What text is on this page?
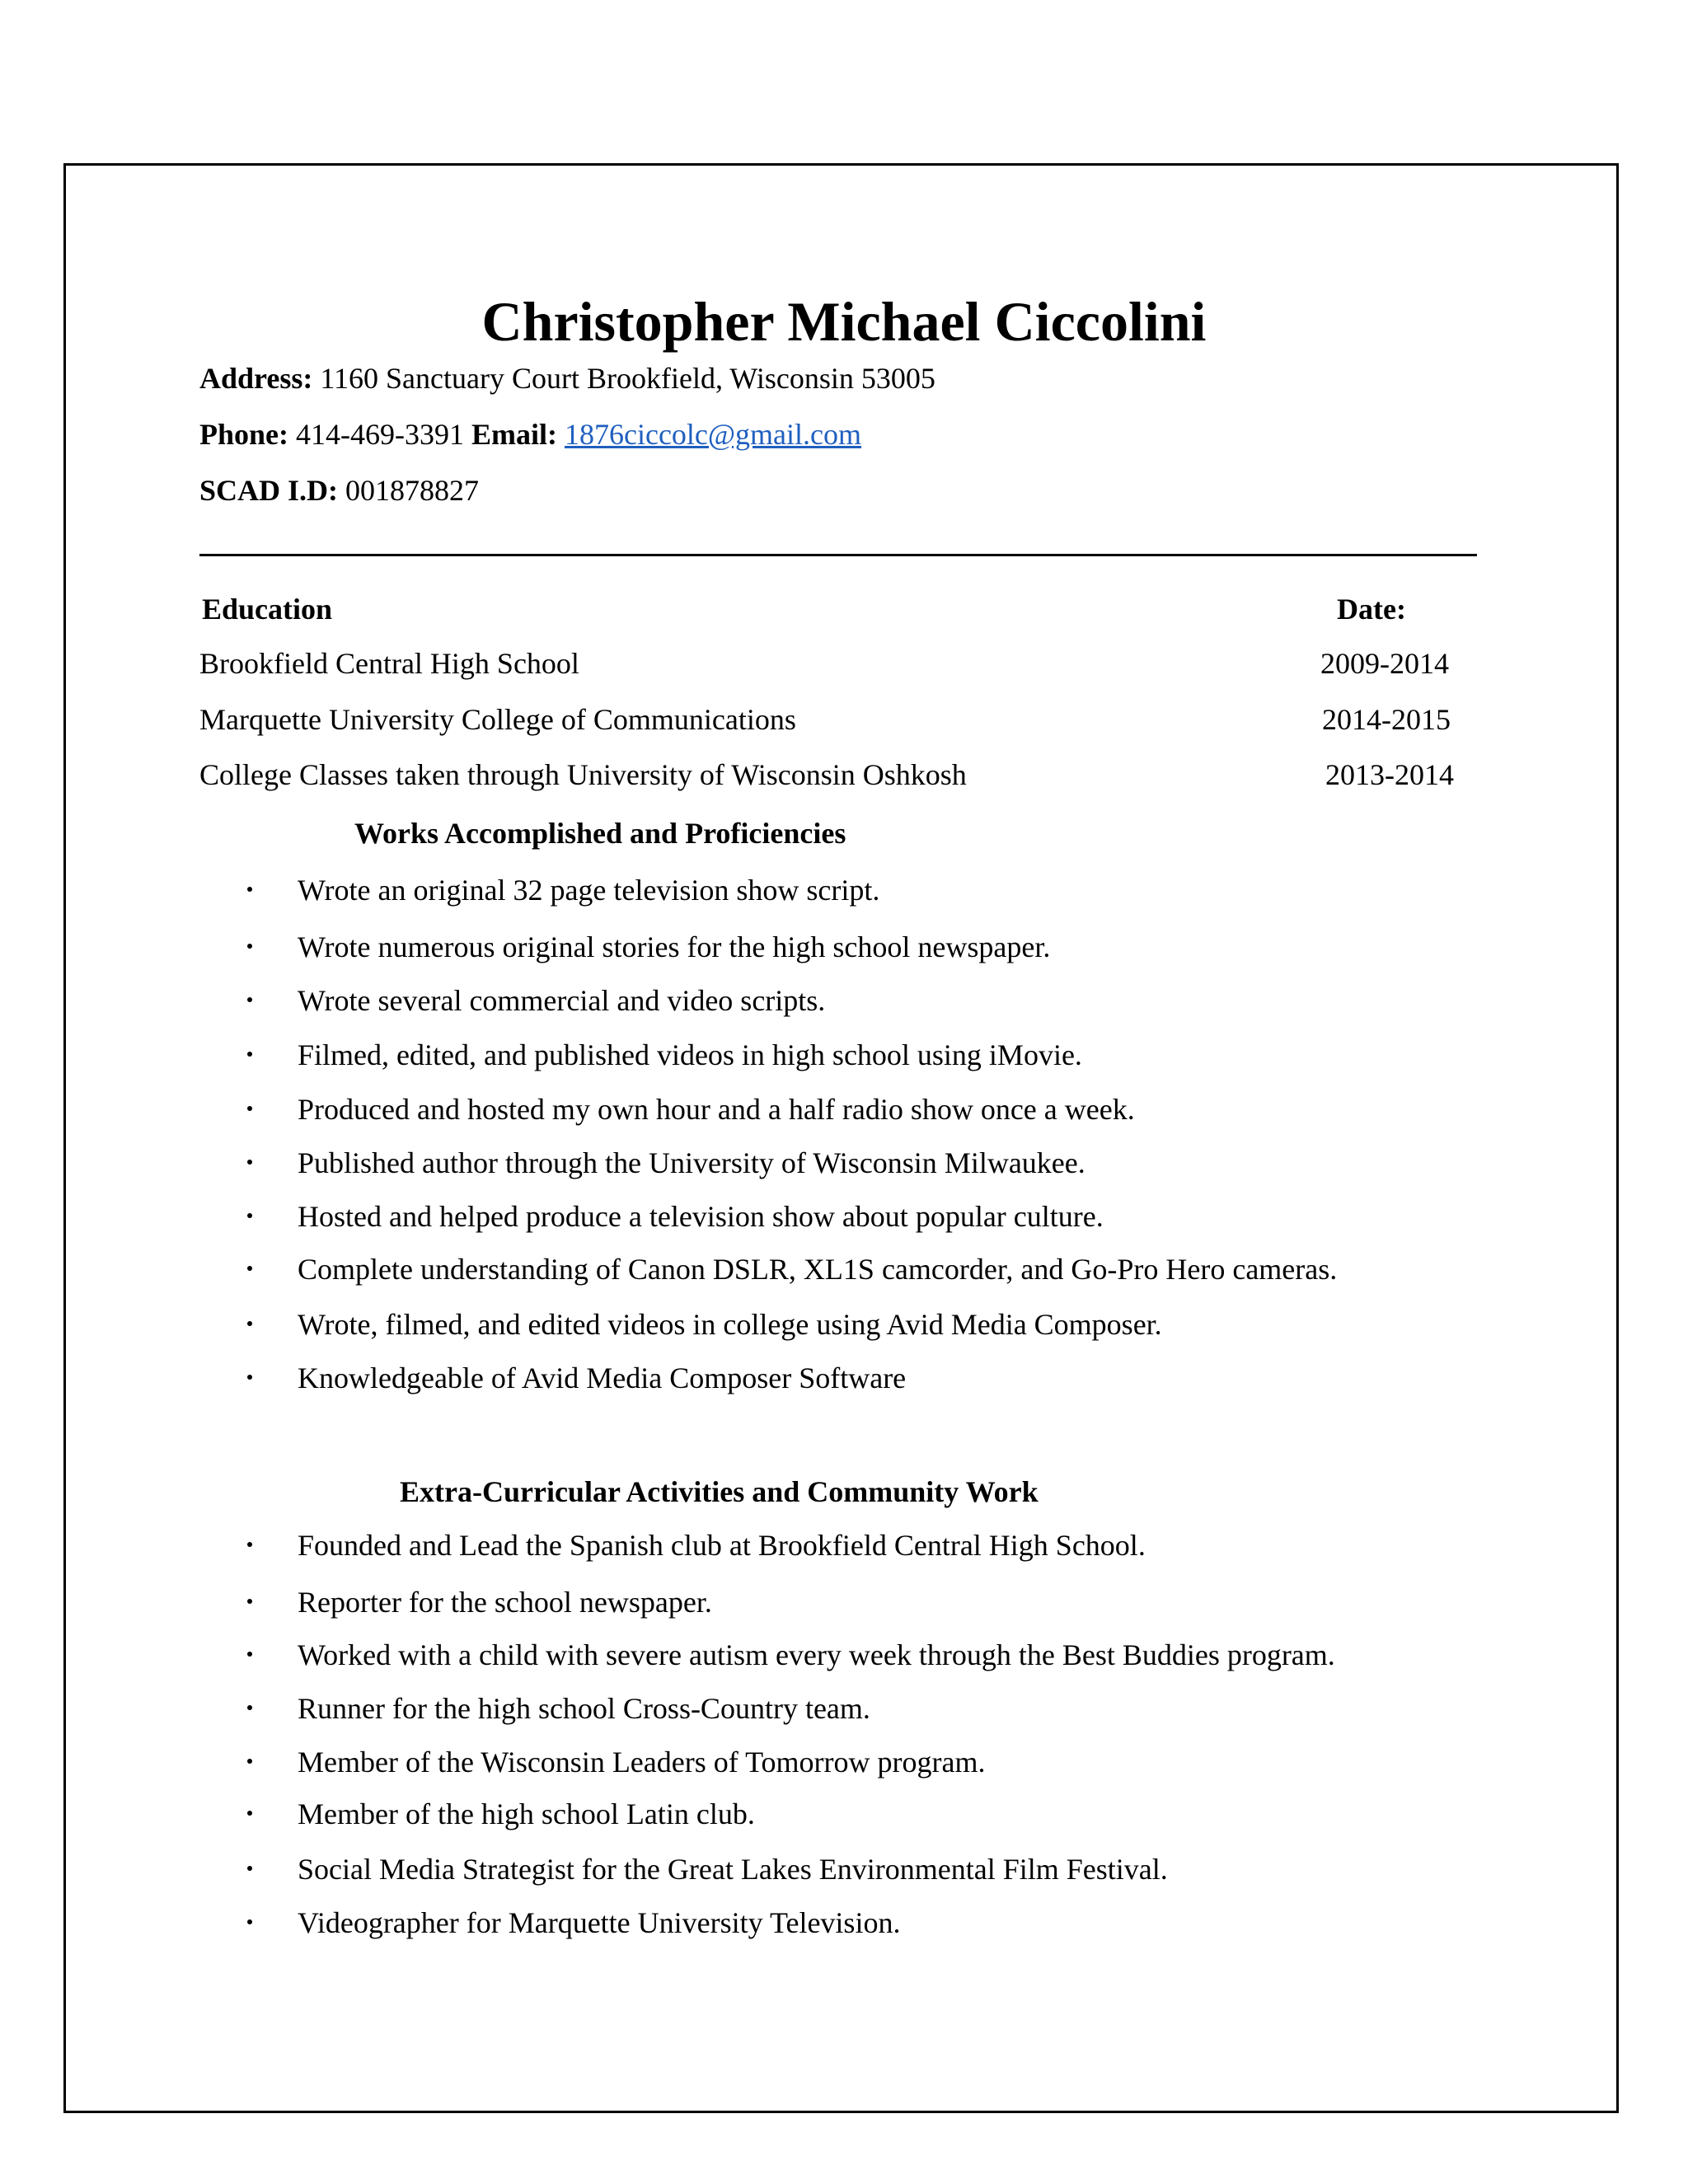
Christopher Michael Ciccolini
Address: 1160 Sanctuary Court Brookfield, Wisconsin 53005
Phone: 414-469-3391 Email: 1876ciccolc@gmail.com
SCAD I.D: 001878827
Education	Date:
Brookfield Central High School	2009-2014
Marquette University College of Communications	2014-2015
College Classes taken through University of Wisconsin Oshkosh	2013-2014
Works Accomplished and Proficiencies
Wrote an original 32 page television show script.
Wrote numerous original stories for the high school newspaper.
Wrote several commercial and video scripts.
Filmed, edited, and published videos in high school using iMovie.
Produced and hosted my own hour and a half radio show once a week.
Published author through the University of Wisconsin Milwaukee.
Hosted and helped produce a television show about popular culture.
Complete understanding of Canon DSLR, XL1S camcorder, and Go-Pro Hero cameras.
Wrote, filmed, and edited videos in college using Avid Media Composer.
Knowledgeable of Avid Media Composer Software
Extra-Curricular Activities and Community Work
Founded and Lead the Spanish club at Brookfield Central High School.
Reporter for the school newspaper.
Worked with a child with severe autism every week through the Best Buddies program.
Runner for the high school Cross-Country team.
Member of the Wisconsin Leaders of Tomorrow program.
Member of the high school Latin club.
Social Media Strategist for the Great Lakes Environmental Film Festival.
Videographer for Marquette University Television.
